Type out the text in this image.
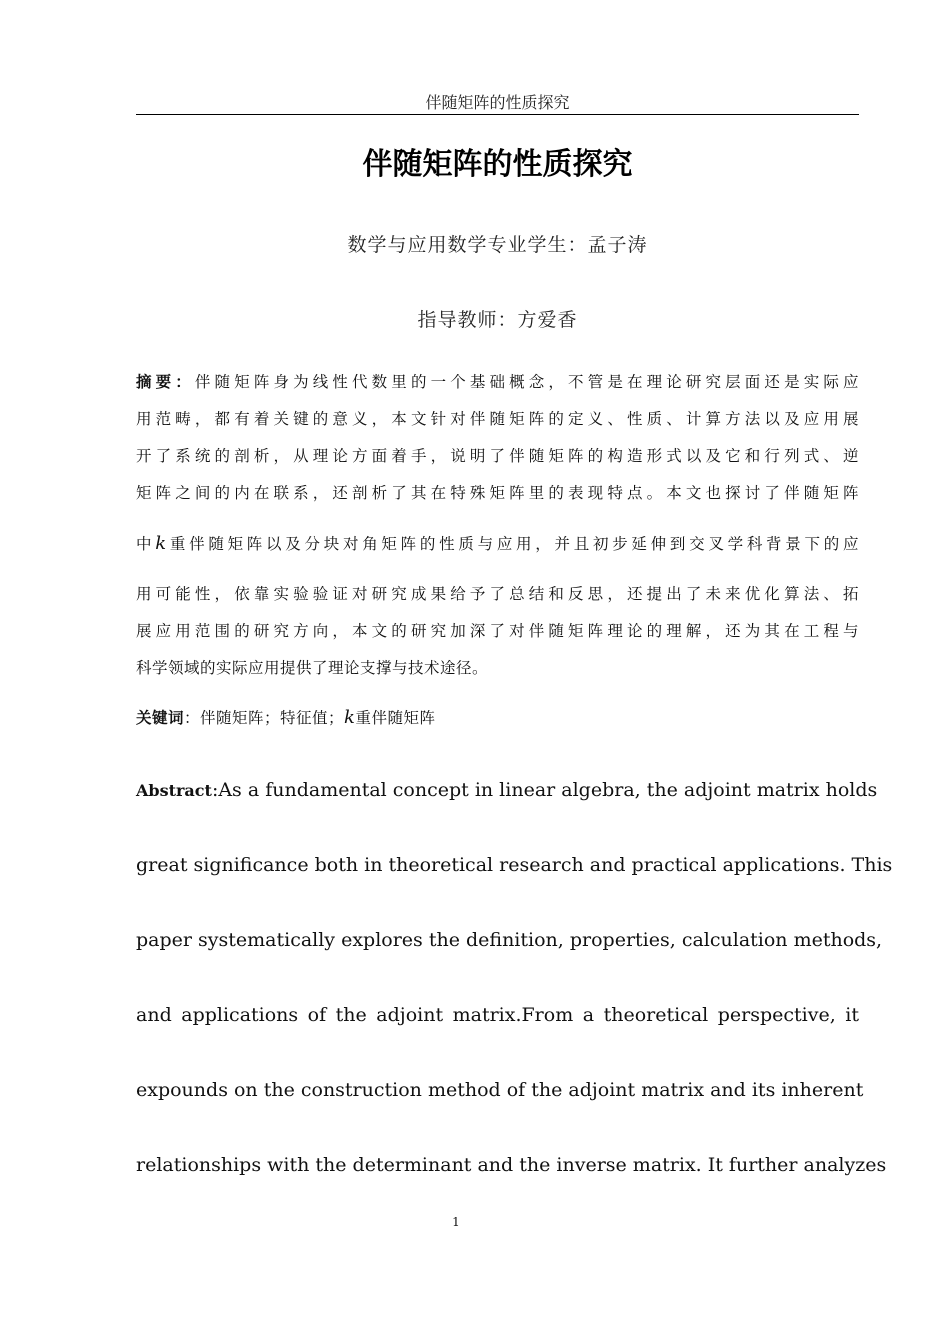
伴随矩阵的性质探究
伴随矩阵的性质探究
数学与应用数学专业学生：孟子涛
指导教师：方爱香
摘要：伴随矩阵身为线性代数里的一个基础概念，不管是在理论研究层面还是实际应
用范畴，都有着关键的意义，本文针对伴随矩阵的定义、性质、计算方法以及应用展
开了系统的剖析，从理论方面着手，说明了伴随矩阵的构造形式以及它和行列式、逆
矩阵之间的内在联系，还剖析了其在特殊矩阵里的表现特点。本文也探讨了伴随矩阵
中k重伴随矩阵以及分块对角矩阵的性质与应用，并且初步延伸到交叉学科背景下的应
用可能性，依靠实验验证对研究成果给予了总结和反思，还提出了未来优化算法、拓
展应用范围的研究方向，本文的研究加深了对伴随矩阵理论的理解，还为其在工程与
科学领域的实际应用提供了理论支撑与技术途径。
关键词：伴随矩阵；特征值；k重伴随矩阵
Abstract:As a fundamental concept in linear algebra, the adjoint matrix holds
great significance both in theoretical research and practical applications. This
paper systematically explores the definition, properties, calculation methods,
and applications of the adjoint matrix.From a theoretical perspective, it
expounds on the construction method of the adjoint matrix and its inherent
relationships with the determinant and the inverse matrix. It further analyzes
1
